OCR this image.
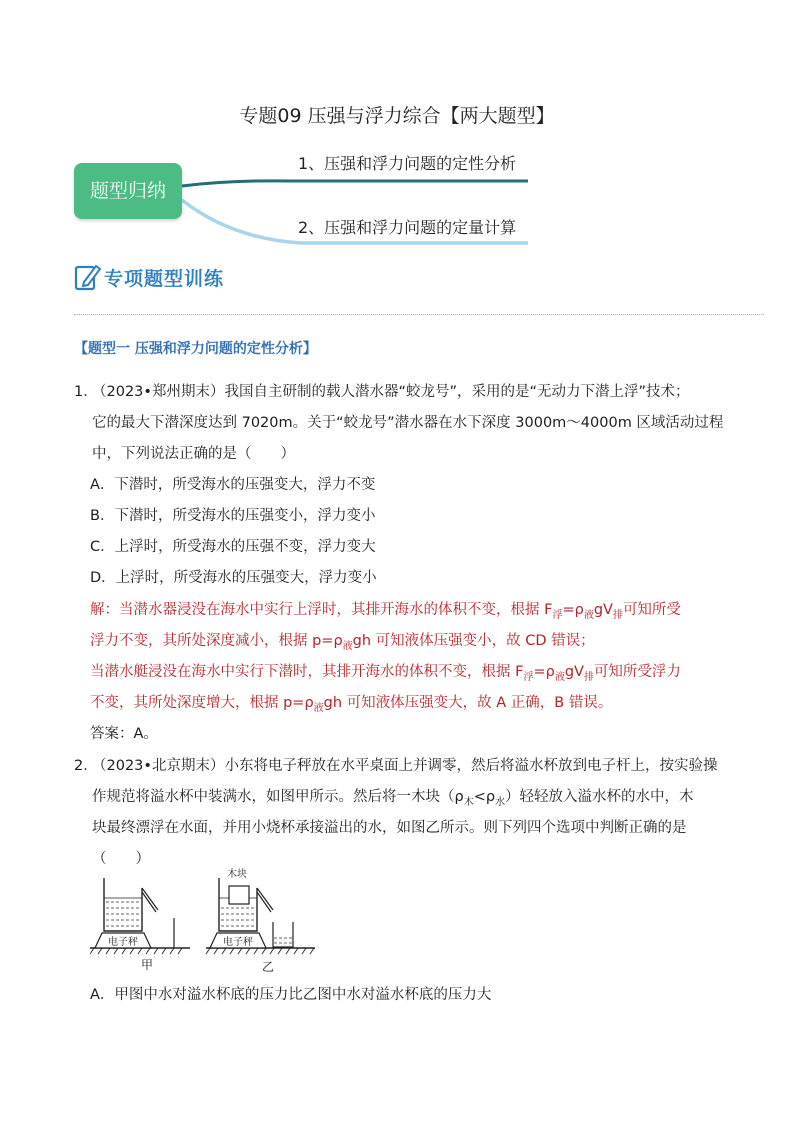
专题09 压强与浮力综合【两大题型】
题型归纳
1、压强和浮力问题的定性分析
2、压强和浮力问题的定量计算
专项题型训练
【题型一 压强和浮力问题的定性分析】
1．
（2023•郑州期末）我国自主研制的载人潜水器“蛟龙号”，采用的是“无动力下潜上浮”技术；
它的最大下潜深度达到 7020m。关于“蛟龙号”潜水器在水下深度 3000m～4000m 区域活动过程
中，下列说法正确的是（　　）
A．下潜时，所受海水的压强变大，浮力不变
B．下潜时，所受海水的压强变小，浮力变小
C．上浮时，所受海水的压强不变，浮力变大
D．上浮时，所受海水的压强变大，浮力变小
解：当潜水器浸没在海水中实行上浮时，其排开海水的体积不变，根据 $F_浮=\rho_液gV_排$可知所受
浮力不变，其所处深度减小，根据 $p=\rho_液gh$ 可知液体压强变小，故 CD 错误；
当潜水艇浸没在海水中实行下潜时，其排开海水的体积不变，根据 $F_浮=\rho_液gV_排$可知所受浮力
不变，其所处深度增大，根据 $p=\rho_液gh$ 可知液体压强变大，故 A 正确，B 错误。
答案：A。
2．
（2023•北京期末）小东将电子秤放在水平桌面上并调零，然后将溢水杯放到电子杆上，按实验操
作规范将溢水杯中装满水，如图甲所示。然后将一木块$(\rho_木<\rho_水)$轻轻放入溢水杯的水中，木
块最终漂浮在水面，并用小烧杯承接溢出的水，如图乙所示。则下列四个选项中判断正确的是
（　　）
电子秤
甲
电子秤
木块
乙
A．甲图中水对溢水杯底的压力比乙图中水对溢水杯底的压力大
